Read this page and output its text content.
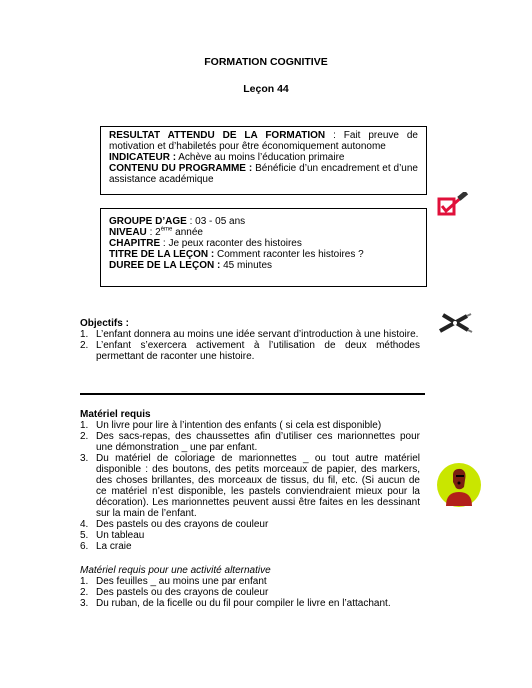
FORMATION COGNITIVE
Leçon 44

RESULTAT ATTENDU DE LA FORMATION : Fait preuve de motivation et d’habiletés pour être économiquement autonome

INDICATEUR : Achève au moins l’éducation primaire

CONTENU DU PROGRAMME : Bénéficie d’un encadrement et d’une assistance académique

GROUPE D’AGE : 03 - 05 ans

NIVEAU : 2ème année

CHAPITRE : Je peux raconter des histoires

TITRE DE LA LEÇON : Comment raconter les histoires ?

DUREE DE LA LEÇON : 45 minutes

Objectifs :
1. L’enfant donnera au moins une idée servant d’introduction à une histoire.
2. L’enfant s’exercera activement à l’utilisation de deux méthodes permettant de raconter une histoire.
Matériel requis
1. Un livre pour lire à l’intention des enfants ( si cela est disponible)
2. Des sacs-repas, des chaussettes afin d’utiliser ces marionnettes pour une démonstration _ une par enfant.
3. Du matériel de coloriage de marionnettes _ ou tout autre matériel disponible : des boutons, des petits morceaux de papier, des markers, des choses brillantes, des morceaux de tissus, du fil, etc. (Si aucun de ce matériel n’est disponible, les pastels conviendraient mieux pour la décoration). Les marionnettes peuvent aussi être faites en les dessinant sur la main de l’enfant.
4. Des pastels ou des crayons de couleur
5. Un tableau
6. La craie
Matériel requis pour une activité alternative
1. Des feuilles _ au moins une par enfant
2. Des pastels ou des crayons de couleur
3. Du ruban, de la ficelle ou du fil pour compiler le livre en l’attachant.
